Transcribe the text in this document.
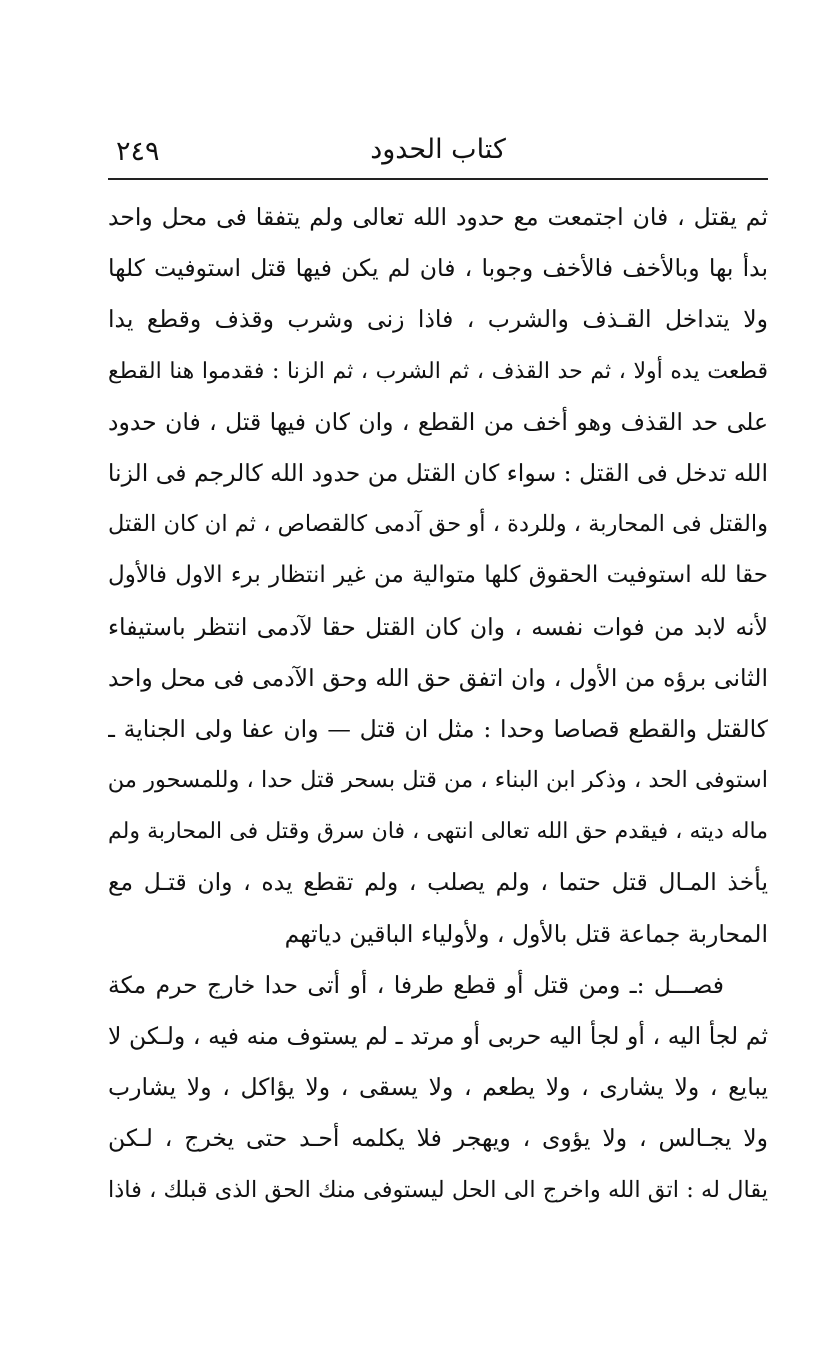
٢٤٩	كتاب الحدود
ثم يقتل ، فان اجتمعت مع حدود الله تعالى ولم يتفقا فى محل واحد
بدأ بها وبالأخف فالأخف وجوبا ، فان لم يكن فيها قتل استوفيت كلها
ولا يتداخل القـذف والشرب ، فاذا زنى وشرب وقذف وقطع يدا
قطعت يده أولا ، ثم حد القذف ، ثم الشرب ، ثم الزنا : فقدموا هنا القطع
على حد القذف وهو أخف من القطع ، وان كان فيها قتل ، فان حدود
الله تدخل فى القتل : سواء كان القتل من حدود الله كالرجم فى الزنا
والقتل فى المحاربة ، وللردة ، أو حق آدمى كالقصاص ، ثم ان كان القتل
حقا لله استوفيت الحقوق كلها متوالية من غير انتظار برء الاول فالأول
لأنه لابد من فوات نفسه ، وان كان القتل حقا لآدمى انتظر باستيفاء
الثانى برؤه من الأول ، وان اتفق حق الله وحق الآدمى فى محل واحد
كالقتل والقطع قصاصا وحدا : مثل ان قتل — وان عفا ولى الجناية ـ
استوفى الحد ، وذكر ابن البناء ، من قتل بسحر قتل حدا ، وللمسحور من
ماله ديته ، فيقدم حق الله تعالى انتهى ، فان سرق وقتل فى المحاربة ولم
يأخذ المـال قتل حتما ، ولم يصلب ، ولم تقطع يده ، وان قتـل مع
المحاربة جماعة قتل بالأول ، ولأولياء الباقين دياتهم
فصـــل :ـ ومن قتل أو قطع طرفا ، أو أتى حدا خارج حرم مكة
ثم لجأ اليه ، أو لجأ اليه حربى أو مرتد ـ لم يستوف منه فيه ، ولـكن لا
يبايع ، ولا يشارى ، ولا يطعم ، ولا يسقى ، ولا يؤاكل ، ولا يشارب
ولا يجـالس ، ولا يؤوى ، ويهجر فلا يكلمه أحـد حتى يخرج ، لـكن
يقال له : اتق الله واخرج الى الحل ليستوفى منك الحق الذى قبلك ، فاذا
